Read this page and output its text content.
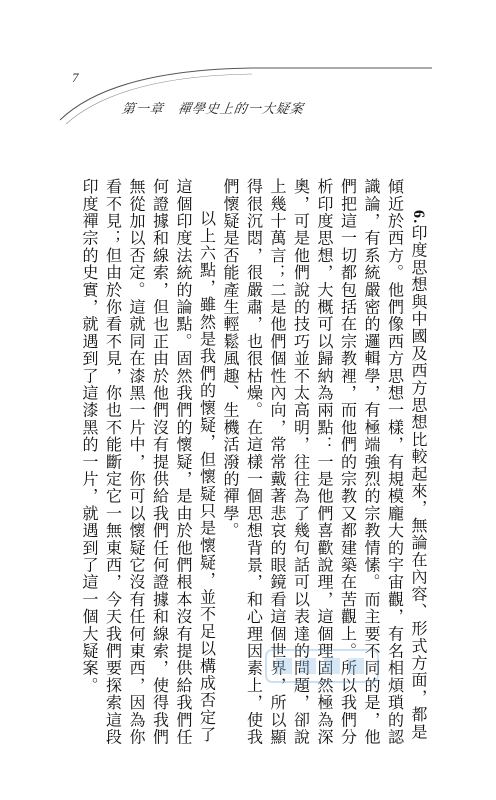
7
第一章　禪學史上的一大疑案

6.印度思想與中國及西方思想比較起來，無論在內容、形式方面，都是傾近於西方。他們像西方思想一樣，有規模龐大的宇宙觀，有名相煩瑣的認識論，有系統嚴密的邏輯學，有極端強烈的宗教情愫。而主要不同的是，他們把這一切都包括在宗教裡，而他們的宗教又都建築在苦觀上。所以我們分析印度思想，大概可以歸納為兩點：一是他們喜歡說理，這個理固然極為深奧，可是他們說的技巧並不太高明，往往為了幾句話可以表達的問題，卻說上幾十萬言；二是他們個性內向，常常戴著悲哀的眼鏡看這個世界，所以顯得很沉悶，很嚴肅，也很枯燥。在這樣一個思想背景，和心理因素上，使我們懷疑是否能產生輕鬆風趣、生機活潑的禪學。

以上六點，雖然是我們的懷疑，但懷疑只是懷疑，並不足以構成否定了這個印度法統的論點。固然我們的懷疑，是由於他們根本沒有提供給我們任何證據和線索，但也正由於他們沒有提供給我們任何證據和線索，使得我們無從加以否定。這就同在漆黑一片中，你可以懷疑它沒有任何東西，因為你看不見；但由於你看不見，你也不能斷定它一無東西，今天我們要探索這段印度禪宗的史實，就遇到了這漆黑的一片，就遇到了這一個大疑案。
